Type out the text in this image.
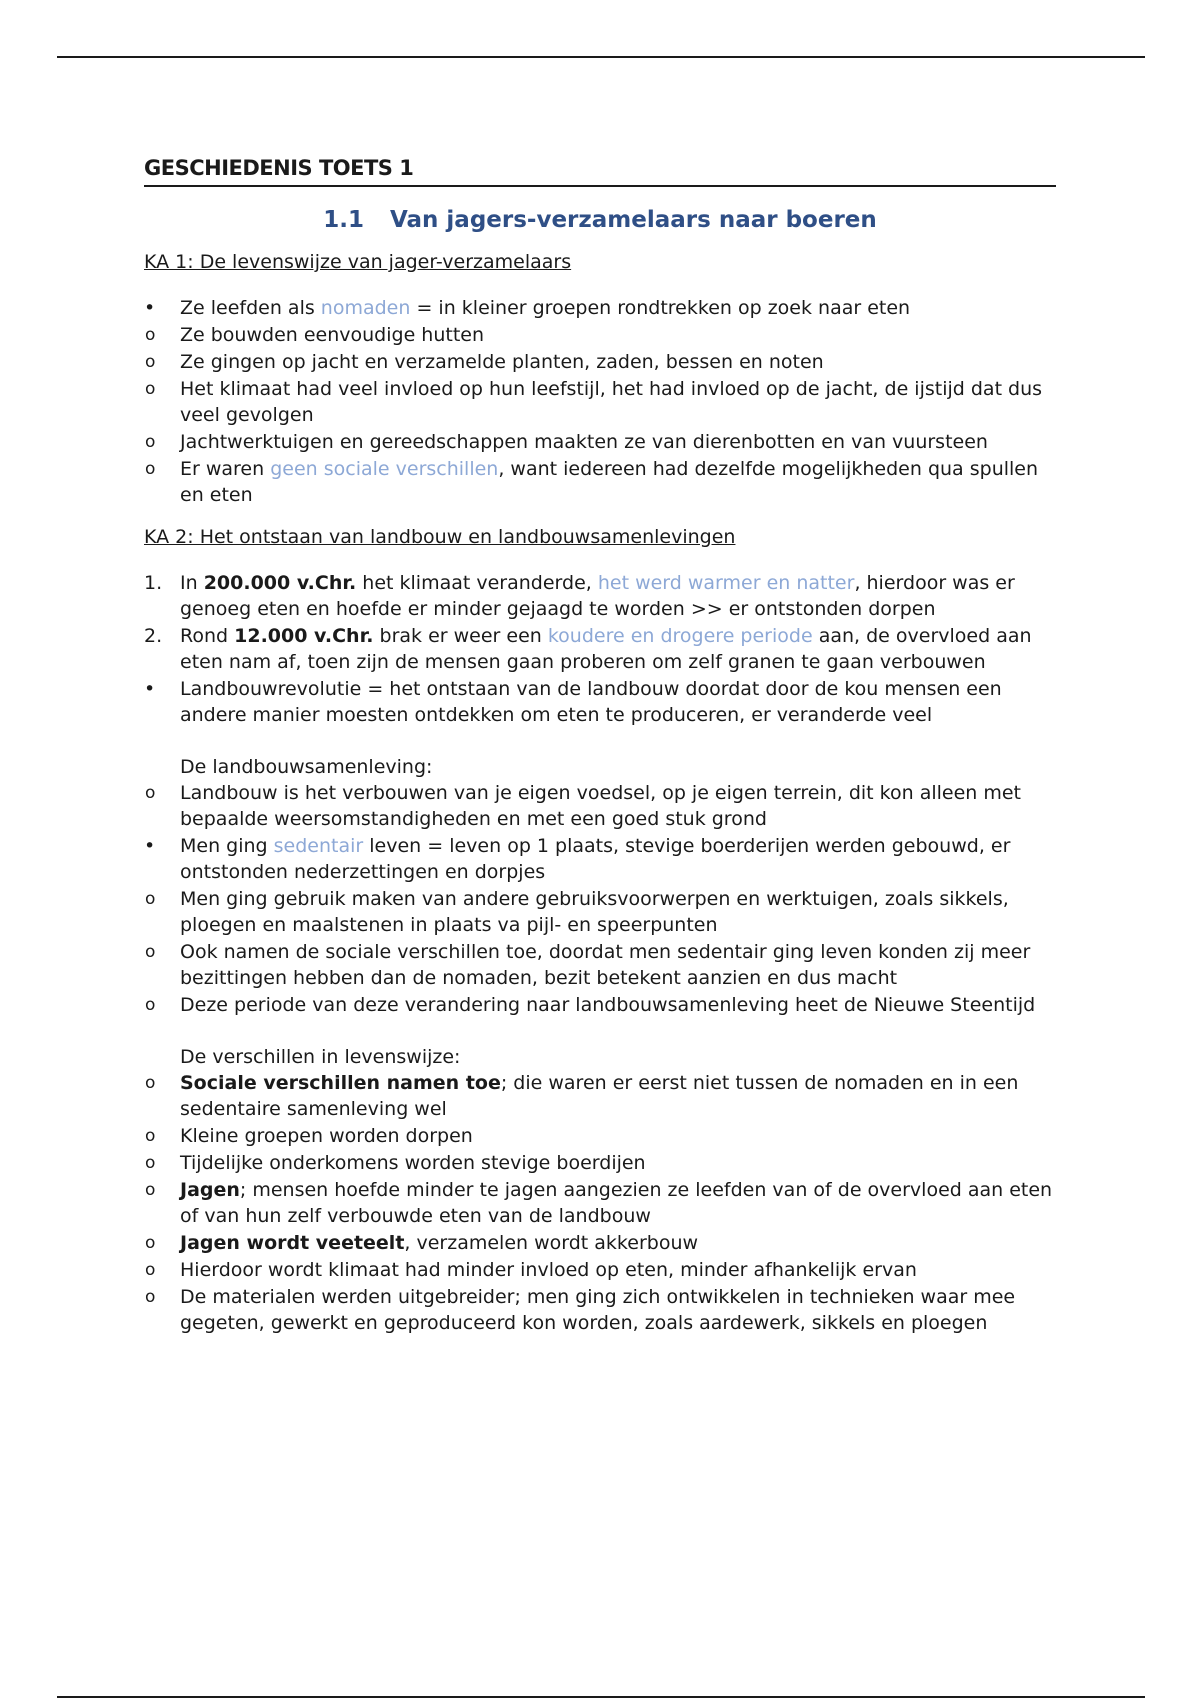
GESCHIEDENIS TOETS 1
1.1 Van jagers-verzamelaars naar boeren
KA 1: De levenswijze van jager-verzamelaars
•	Ze leefden als nomaden = in kleiner groepen rondtrekken op zoek naar eten
o	Ze bouwden eenvoudige hutten
o	Ze gingen op jacht en verzamelde planten, zaden, bessen en noten
o	Het klimaat had veel invloed op hun leefstijl, het had invloed op de jacht, de ijstijd dat dus veel gevolgen
o	Jachtwerktuigen en gereedschappen maakten ze van dierenbotten en van vuursteen
o	Er waren geen sociale verschillen, want iedereen had dezelfde mogelijkheden qua spullen en eten
KA 2: Het ontstaan van landbouw en landbouwsamenlevingen
1. In 200.000 v.Chr. het klimaat veranderde, het werd warmer en natter, hierdoor was er genoeg eten en hoefde er minder gejaagd te worden >> er ontstonden dorpen
2. Rond 12.000 v.Chr. brak er weer een koudere en drogere periode aan, de overvloed aan eten nam af, toen zijn de mensen gaan proberen om zelf granen te gaan verbouwen
•	Landbouwrevolutie = het ontstaan van de landbouw doordat door de kou mensen een andere manier moesten ontdekken om eten te produceren, er veranderde veel
De landbouwsamenleving:
o	Landbouw is het verbouwen van je eigen voedsel, op je eigen terrein, dit kon alleen met bepaalde weersomstandigheden en met een goed stuk grond
•	Men ging sedentair leven = leven op 1 plaats, stevige boerderijen werden gebouwd, er ontstonden nederzettingen en dorpjes
o	Men ging gebruik maken van andere gebruiksvoorwerpen en werktuigen, zoals sikkels, ploegen en maalstenen in plaats va pijl- en speerpunten
o	Ook namen de sociale verschillen toe, doordat men sedentair ging leven konden zij meer bezittingen hebben dan de nomaden, bezit betekent aanzien en dus macht
o	Deze periode van deze verandering naar landbouwsamenleving heet de Nieuwe Steentijd
De verschillen in levenswijze:
o	Sociale verschillen namen toe; die waren er eerst niet tussen de nomaden en in een sedentaire samenleving wel
o	Kleine groepen worden dorpen
o	Tijdelijke onderkomens worden stevige boerdijen
o	Jagen; mensen hoefde minder te jagen aangezien ze leefden van of de overvloed aan eten of van hun zelf verbouwde eten van de landbouw
o	Jagen wordt veeteelt, verzamelen wordt akkerbouw
o	Hierdoor wordt klimaat had minder invloed op eten, minder afhankelijk ervan
o	De materialen werden uitgebreider; men ging zich ontwikkelen in technieken waar mee gegeten, gewerkt en geproduceerd kon worden, zoals aardewerk, sikkels en ploegen
